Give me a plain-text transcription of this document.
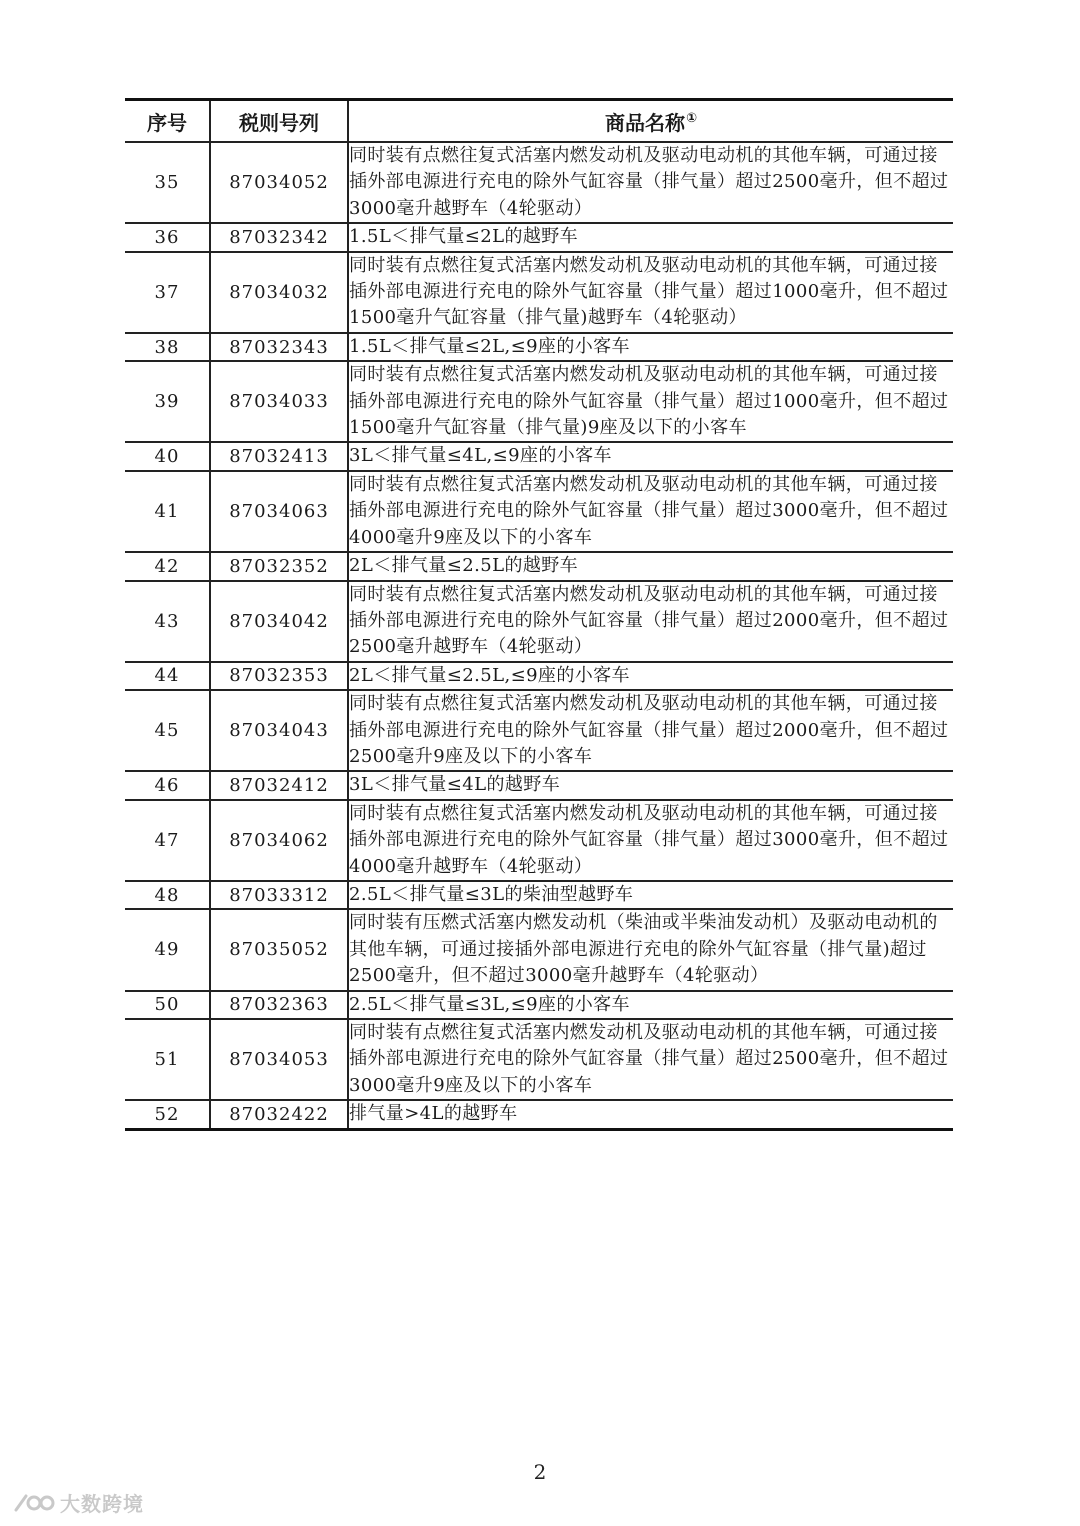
序号	税则号列	商品名称①
35	87034052	同时装有点燃往复式活塞内燃发动机及驱动电动机的其他车辆，可通过接插外部电源进行充电的除外气缸容量（排气量）超过2500毫升，但不超过3000毫升越野车（4轮驱动）
36	87032342	1.5L＜排气量≤2L的越野车
37	87034032	同时装有点燃往复式活塞内燃发动机及驱动电动机的其他车辆，可通过接插外部电源进行充电的除外气缸容量（排气量）超过1000毫升，但不超过1500毫升气缸容量（排气量)越野车（4轮驱动）
38	87032343	1.5L＜排气量≤2L,≤9座的小客车
39	87034033	同时装有点燃往复式活塞内燃发动机及驱动电动机的其他车辆，可通过接插外部电源进行充电的除外气缸容量（排气量）超过1000毫升，但不超过1500毫升气缸容量（排气量)9座及以下的小客车
40	87032413	3L＜排气量≤4L,≤9座的小客车
41	87034063	同时装有点燃往复式活塞内燃发动机及驱动电动机的其他车辆，可通过接插外部电源进行充电的除外气缸容量（排气量）超过3000毫升，但不超过4000毫升9座及以下的小客车
42	87032352	2L＜排气量≤2.5L的越野车
43	87034042	同时装有点燃往复式活塞内燃发动机及驱动电动机的其他车辆，可通过接插外部电源进行充电的除外气缸容量（排气量）超过2000毫升，但不超过2500毫升越野车（4轮驱动）
44	87032353	2L＜排气量≤2.5L,≤9座的小客车
45	87034043	同时装有点燃往复式活塞内燃发动机及驱动电动机的其他车辆，可通过接插外部电源进行充电的除外气缸容量（排气量）超过2000毫升，但不超过2500毫升9座及以下的小客车
46	87032412	3L＜排气量≤4L的越野车
47	87034062	同时装有点燃往复式活塞内燃发动机及驱动电动机的其他车辆，可通过接插外部电源进行充电的除外气缸容量（排气量）超过3000毫升，但不超过4000毫升越野车（4轮驱动）
48	87033312	2.5L＜排气量≤3L的柴油型越野车
49	87035052	同时装有压燃式活塞内燃发动机（柴油或半柴油发动机）及驱动电动机的其他车辆，可通过接插外部电源进行充电的除外气缸容量（排气量)超过2500毫升，但不超过3000毫升越野车（4轮驱动）
50	87032363	2.5L＜排气量≤3L,≤9座的小客车
51	87034053	同时装有点燃往复式活塞内燃发动机及驱动电动机的其他车辆，可通过接插外部电源进行充电的除外气缸容量（排气量）超过2500毫升，但不超过3000毫升9座及以下的小客车
52	87032422	排气量>4L的越野车
2
大数跨境
